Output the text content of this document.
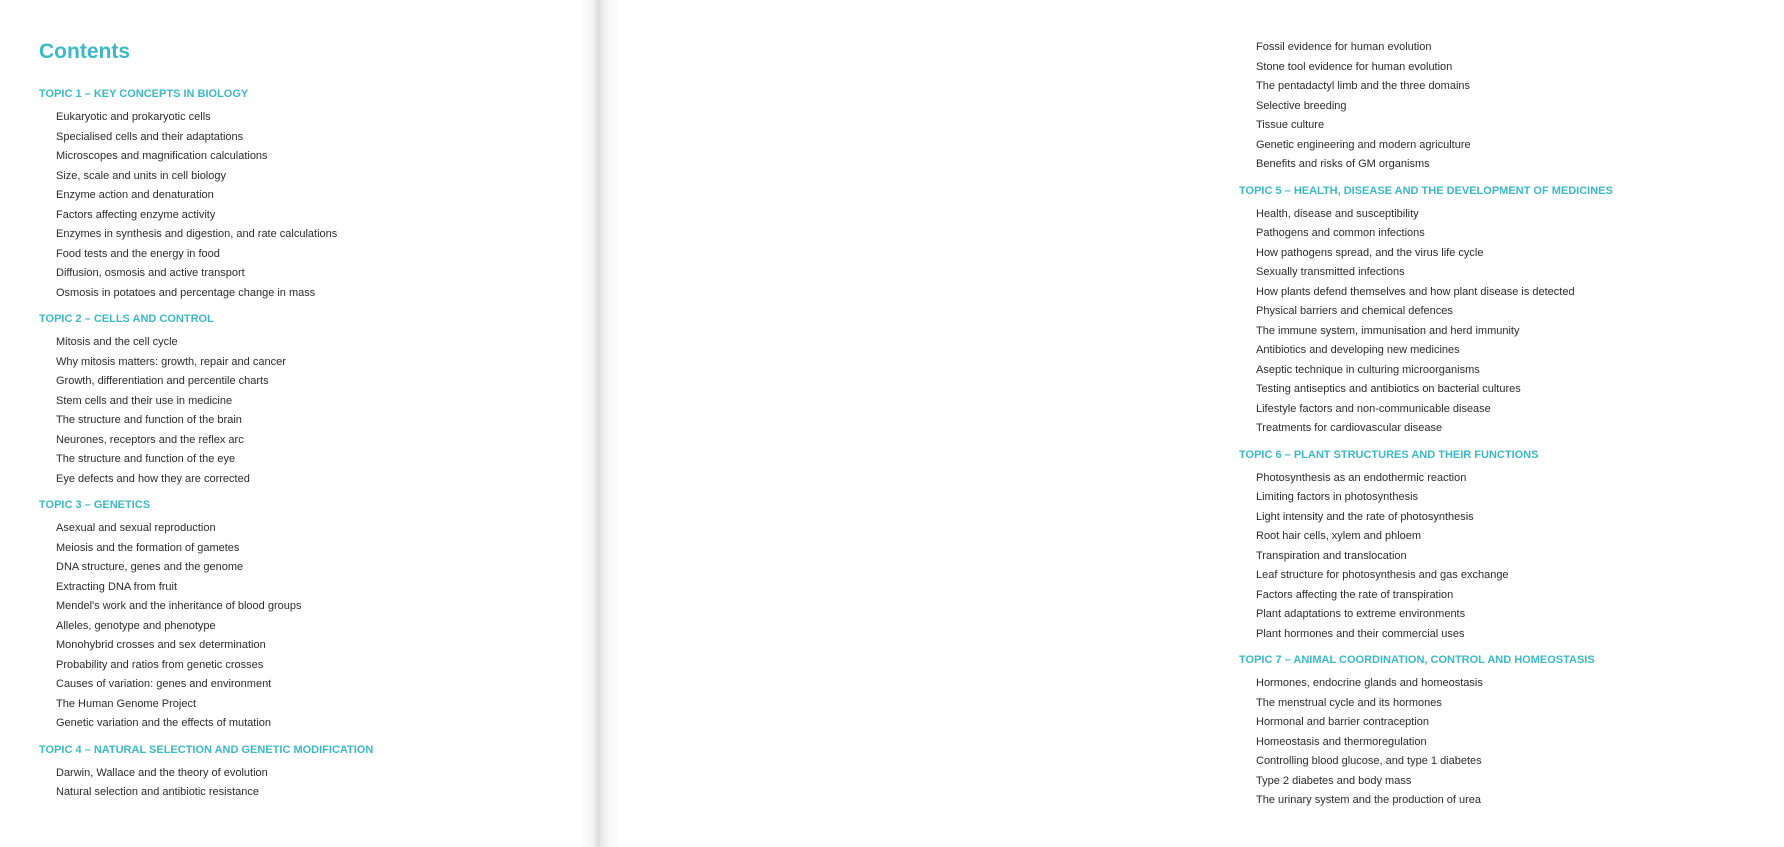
Contents
TOPIC 1 – KEY CONCEPTS IN BIOLOGY
Eukaryotic and prokaryotic cells
Specialised cells and their adaptations
Microscopes and magnification calculations
Size, scale and units in cell biology
Enzyme action and denaturation
Factors affecting enzyme activity
Enzymes in synthesis and digestion, and rate calculations
Food tests and the energy in food
Diffusion, osmosis and active transport
Osmosis in potatoes and percentage change in mass
TOPIC 2 – CELLS AND CONTROL
Mitosis and the cell cycle
Why mitosis matters: growth, repair and cancer
Growth, differentiation and percentile charts
Stem cells and their use in medicine
The structure and function of the brain
Neurones, receptors and the reflex arc
The structure and function of the eye
Eye defects and how they are corrected
TOPIC 3 – GENETICS
Asexual and sexual reproduction
Meiosis and the formation of gametes
DNA structure, genes and the genome
Extracting DNA from fruit
Mendel's work and the inheritance of blood groups
Alleles, genotype and phenotype
Monohybrid crosses and sex determination
Probability and ratios from genetic crosses
Causes of variation: genes and environment
The Human Genome Project
Genetic variation and the effects of mutation
TOPIC 4 – NATURAL SELECTION AND GENETIC MODIFICATION
Darwin, Wallace and the theory of evolution
Natural selection and antibiotic resistance
Fossil evidence for human evolution
Stone tool evidence for human evolution
The pentadactyl limb and the three domains
Selective breeding
Tissue culture
Genetic engineering and modern agriculture
Benefits and risks of GM organisms
TOPIC 5 – HEALTH, DISEASE AND THE DEVELOPMENT OF MEDICINES
Health, disease and susceptibility
Pathogens and common infections
How pathogens spread, and the virus life cycle
Sexually transmitted infections
How plants defend themselves and how plant disease is detected
Physical barriers and chemical defences
The immune system, immunisation and herd immunity
Antibiotics and developing new medicines
Aseptic technique in culturing microorganisms
Testing antiseptics and antibiotics on bacterial cultures
Lifestyle factors and non-communicable disease
Treatments for cardiovascular disease
TOPIC 6 – PLANT STRUCTURES AND THEIR FUNCTIONS
Photosynthesis as an endothermic reaction
Limiting factors in photosynthesis
Light intensity and the rate of photosynthesis
Root hair cells, xylem and phloem
Transpiration and translocation
Leaf structure for photosynthesis and gas exchange
Factors affecting the rate of transpiration
Plant adaptations to extreme environments
Plant hormones and their commercial uses
TOPIC 7 – ANIMAL COORDINATION, CONTROL AND HOMEOSTASIS
Hormones, endocrine glands and homeostasis
The menstrual cycle and its hormones
Hormonal and barrier contraception
Homeostasis and thermoregulation
Controlling blood glucose, and type 1 diabetes
Type 2 diabetes and body mass
The urinary system and the production of urea
